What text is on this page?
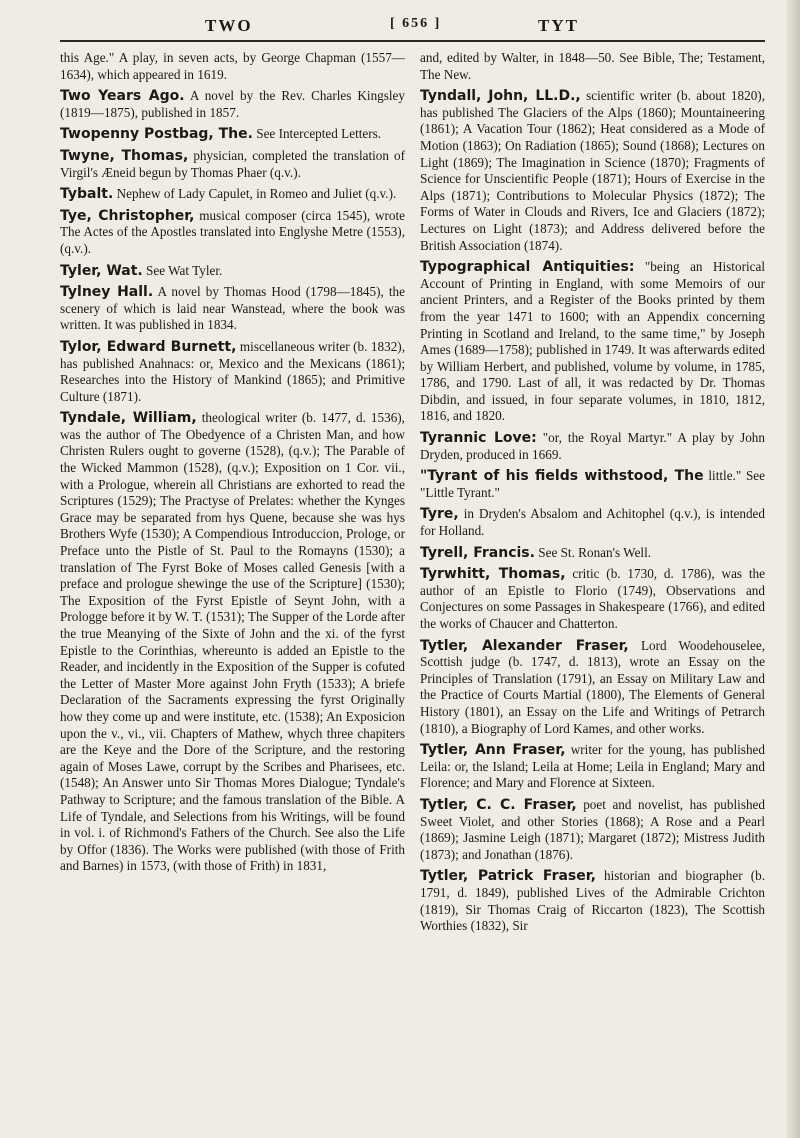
TWO	[ 656 ]	TYT

this Age." A play, in seven acts, by George Chapman (1557—1634), which appeared in 1619.

Two Years Ago. A novel by the Rev. Charles Kingsley (1819—1875), published in 1857.

Twopenny Postbag, The. See Intercepted Letters.

Twyne, Thomas, physician, completed the translation of Virgil's Æneid begun by Thomas Phaer (q.v.).

Tybalt. Nephew of Lady Capulet, in Romeo and Juliet (q.v.).

Tye, Christopher, musical composer (circa 1545), wrote The Actes of the Apostles translated into Englyshe Metre (1553), (q.v.).

Tyler, Wat. See Wat Tyler.

Tylney Hall. A novel by Thomas Hood (1798—1845), the scenery of which is laid near Wanstead, where the book was written. It was published in 1834.

Tylor, Edward Burnett, miscellaneous writer (b. 1832), has published Anahnacs: or, Mexico and the Mexicans (1861); Researches into the History of Mankind (1865); and Primitive Culture (1871).

Tyndale, William, theological writer (b. 1477, d. 1536), was the author of The Obedyence of a Christen Man, and how Christen Rulers ought to governe (1528), (q.v.); The Parable of the Wicked Mammon (1528), (q.v.); Exposition on 1 Cor. vii., with a Prologue, wherein all Christians are exhorted to read the Scriptures (1529); The Practyse of Prelates: whether the Kynges Grace may be separated from hys Quene, because she was hys Brothers Wyfe (1530); A Compendious Introduccion, Prologe, or Preface unto the Pistle of St. Paul to the Romayns (1530); a translation of The Fyrst Boke of Moses called Genesis [with a preface and prologue shewinge the use of the Scripture] (1530); The Exposition of the Fyrst Epistle of Seynt John, with a Prologge before it by W. T. (1531); The Supper of the Lorde after the true Meanying of the Sixte of John and the xi. of the fyrst Epistle to the Corinthias, whereunto is added an Epistle to the Reader, and incidently in the Exposition of the Supper is cofuted the Letter of Master More against John Fryth (1533); A briefe Declaration of the Sacraments expressing the fyrst Originally how they come up and were institute, etc. (1538); An Exposicion upon the v., vi., vii. Chapters of Mathew, whych three chapiters are the Keye and the Dore of the Scripture, and the restoring again of Moses Lawe, corrupt by the Scribes and Pharisees, etc. (1548); An Answer unto Sir Thomas Mores Dialogue; Tyndale's Pathway to Scripture; and the famous translation of the Bible. A Life of Tyndale, and Selections from his Writings, will be found in vol. i. of Richmond's Fathers of the Church. See also the Life by Offor (1836). The Works were published (with those of Frith and Barnes) in 1573, (with those of Frith) in 1831,

and, edited by Walter, in 1848—50. See Bible, The; Testament, The New.

Tyndall, John, LL.D., scientific writer (b. about 1820), has published The Glaciers of the Alps (1860); Mountaineering (1861); A Vacation Tour (1862); Heat considered as a Mode of Motion (1863); On Radiation (1865); Sound (1868); Lectures on Light (1869); The Imagination in Science (1870); Fragments of Science for Unscientific People (1871); Hours of Exercise in the Alps (1871); Contributions to Molecular Physics (1872); The Forms of Water in Clouds and Rivers, Ice and Glaciers (1872); Lectures on Light (1873); and Address delivered before the British Association (1874).

Typographical Antiquities: "being an Historical Account of Printing in England, with some Memoirs of our ancient Printers, and a Register of the Books printed by them from the year 1471 to 1600; with an Appendix concerning Printing in Scotland and Ireland, to the same time," by Joseph Ames (1689—1758); published in 1749. It was afterwards edited by William Herbert, and published, volume by volume, in 1785, 1786, and 1790. Last of all, it was redacted by Dr. Thomas Dibdin, and issued, in four separate volumes, in 1810, 1812, 1816, and 1820.

Tyrannic Love: "or, the Royal Martyr." A play by John Dryden, produced in 1669.

"Tyrant of his fields withstood, The little." See "Little Tyrant."

Tyre, in Dryden's Absalom and Achitophel (q.v.), is intended for Holland.

Tyrell, Francis. See St. Ronan's Well.

Tyrwhitt, Thomas, critic (b. 1730, d. 1786), was the author of an Epistle to Florio (1749), Observations and Conjectures on some Passages in Shakespeare (1766), and edited the works of Chaucer and Chatterton.

Tytler, Alexander Fraser, Lord Woodehouselee, Scottish judge (b. 1747, d. 1813), wrote an Essay on the Principles of Translation (1791), an Essay on Military Law and the Practice of Courts Martial (1800), The Elements of General History (1801), an Essay on the Life and Writings of Petrarch (1810), a Biography of Lord Kames, and other works.

Tytler, Ann Fraser, writer for the young, has published Leila: or, the Island; Leila at Home; Leila in England; Mary and Florence; and Mary and Florence at Sixteen.

Tytler, C. C. Fraser, poet and novelist, has published Sweet Violet, and other Stories (1868); A Rose and a Pearl (1869); Jasmine Leigh (1871); Margaret (1872); Mistress Judith (1873); and Jonathan (1876).

Tytler, Patrick Fraser, historian and biographer (b. 1791, d. 1849), published Lives of the Admirable Crichton (1819), Sir Thomas Craig of Riccarton (1823), The Scottish Worthies (1832), Sir
